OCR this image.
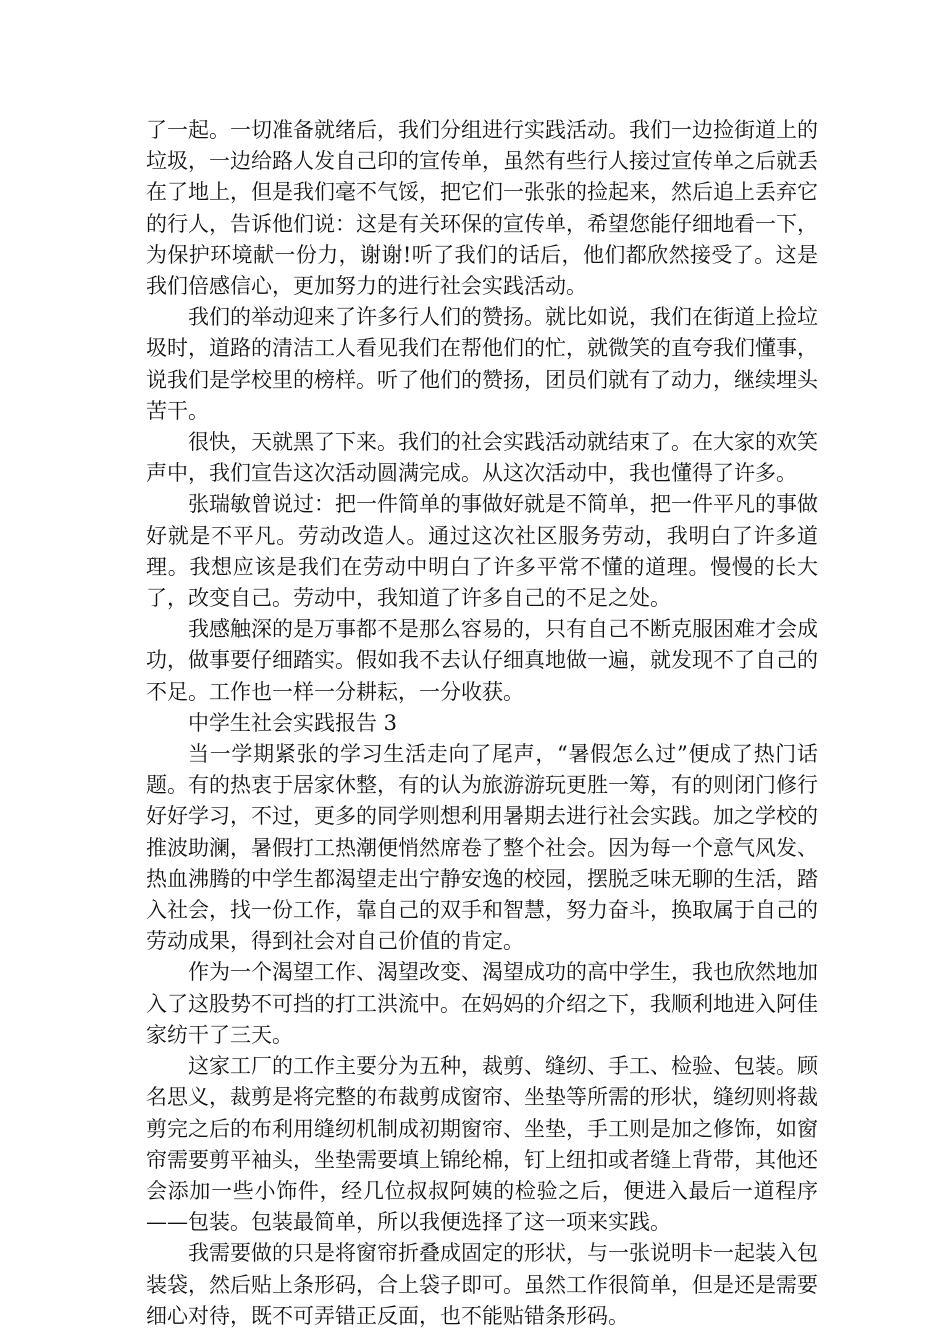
了一起。一切准备就绪后，我们分组进行实践活动。我们一边捡街道上的垃圾，一边给路人发自己印的宣传单，虽然有些行人接过宣传单之后就丢在了地上，但是我们毫不气馁，把它们一张张的捡起来，然后追上丢弃它的行人，告诉他们说：这是有关环保的宣传单，希望您能仔细地看一下，为保护环境献一份力，谢谢!听了我们的话后，他们都欣然接受了。这是我们倍感信心，更加努力的进行社会实践活动。

我们的举动迎来了许多行人们的赞扬。就比如说，我们在街道上捡垃圾时，道路的清洁工人看见我们在帮他们的忙，就微笑的直夸我们懂事，说我们是学校里的榜样。听了他们的赞扬，团员们就有了动力，继续埋头苦干。

很快，天就黑了下来。我们的社会实践活动就结束了。在大家的欢笑声中，我们宣告这次活动圆满完成。从这次活动中，我也懂得了许多。

张瑞敏曾说过：把一件简单的事做好就是不简单，把一件平凡的事做好就是不平凡。劳动改造人。通过这次社区服务劳动，我明白了许多道理。我想应该是我们在劳动中明白了许多平常不懂的道理。慢慢的长大了，改变自己。劳动中，我知道了许多自己的不足之处。

我感触深的是万事都不是那么容易的，只有自己不断克服困难才会成功，做事要仔细踏实。假如我不去认仔细真地做一遍，就发现不了自己的不足。工作也一样一分耕耘，一分收获。

中学生社会实践报告 3

当一学期紧张的学习生活走向了尾声，“暑假怎么过”便成了热门话题。有的热衷于居家休整，有的认为旅游游玩更胜一筹，有的则闭门修行好好学习，不过，更多的同学则想利用暑期去进行社会实践。加之学校的推波助澜，暑假打工热潮便悄然席卷了整个社会。因为每一个意气风发、热血沸腾的中学生都渴望走出宁静安逸的校园，摆脱乏味无聊的生活，踏入社会，找一份工作，靠自己的双手和智慧，努力奋斗，换取属于自己的劳动成果，得到社会对自己价值的肯定。

作为一个渴望工作、渴望改变、渴望成功的高中学生，我也欣然地加入了这股势不可挡的打工洪流中。在妈妈的介绍之下，我顺利地进入阿佳家纺干了三天。

这家工厂的工作主要分为五种，裁剪、缝纫、手工、检验、包装。顾名思义，裁剪是将完整的布裁剪成窗帘、坐垫等所需的形状，缝纫则将裁剪完之后的布利用缝纫机制成初期窗帘、坐垫，手工则是加之修饰，如窗帘需要剪平袖头，坐垫需要填上锦纶棉，钉上纽扣或者缝上背带，其他还会添加一些小饰件，经几位叔叔阿姨的检验之后，便进入最后一道程序——包装。包装最简单，所以我便选择了这一项来实践。

我需要做的只是将窗帘折叠成固定的形状，与一张说明卡一起装入包装袋，然后贴上条形码，合上袋子即可。虽然工作很简单，但是还是需要细心对待，既不可弄错正反面，也不能贴错条形码。
